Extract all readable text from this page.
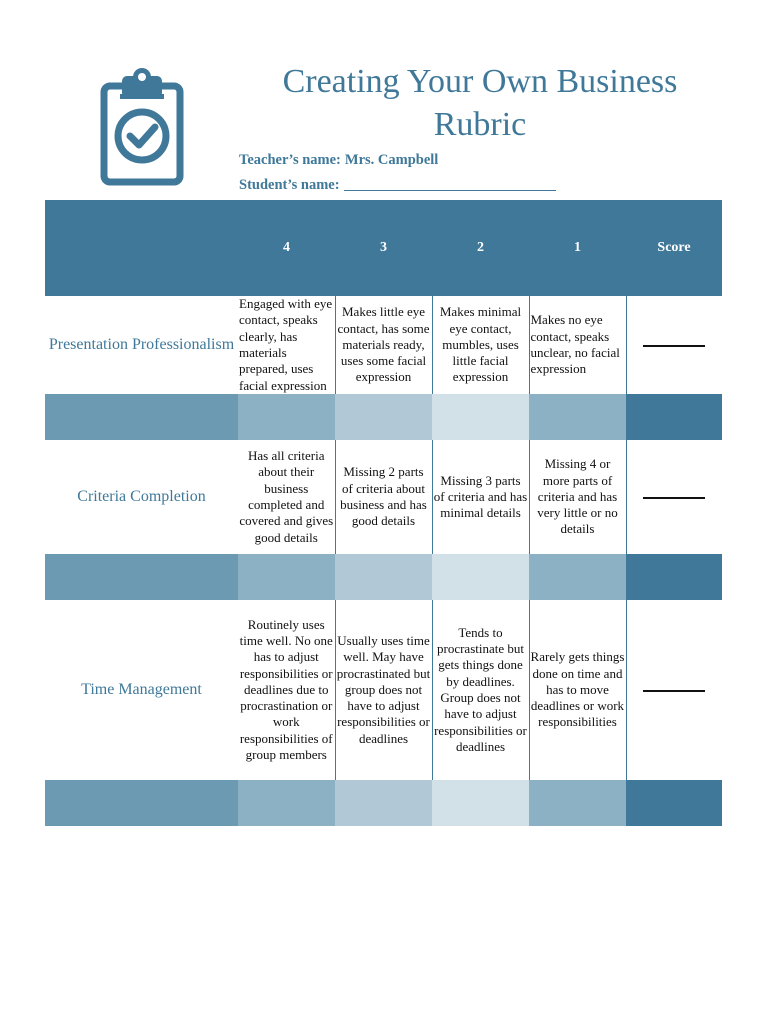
Creating Your Own Business Rubric
Teacher’s name: Mrs. Campbell
Student’s name:
	4	3	2	1	Score
Presentation Professionalism	Engaged with eye contact, speaks clearly, has materials prepared, uses facial expression	Makes little eye contact, has some materials ready, uses some facial expression	Makes minimal eye contact, mumbles, uses little facial expression	Makes no eye contact, speaks unclear, no facial expression	

Criteria Completion	Has all criteria about their business completed and covered and gives good details	Missing 2 parts of criteria about business and has good details	Missing 3 parts of criteria and has minimal details	Missing 4 or more parts of criteria and has very little or no details	

Time Management	Routinely uses time well. No one has to adjust responsibilities or deadlines due to procrastination or work responsibilities of group members	Usually uses time well. May have procrastinated but group does not have to adjust responsibilities or deadlines	Tends to procrastinate but gets things done by deadlines. Group does not have to adjust responsibilities or deadlines	Rarely gets things done on time and has to move deadlines or work responsibilities	
